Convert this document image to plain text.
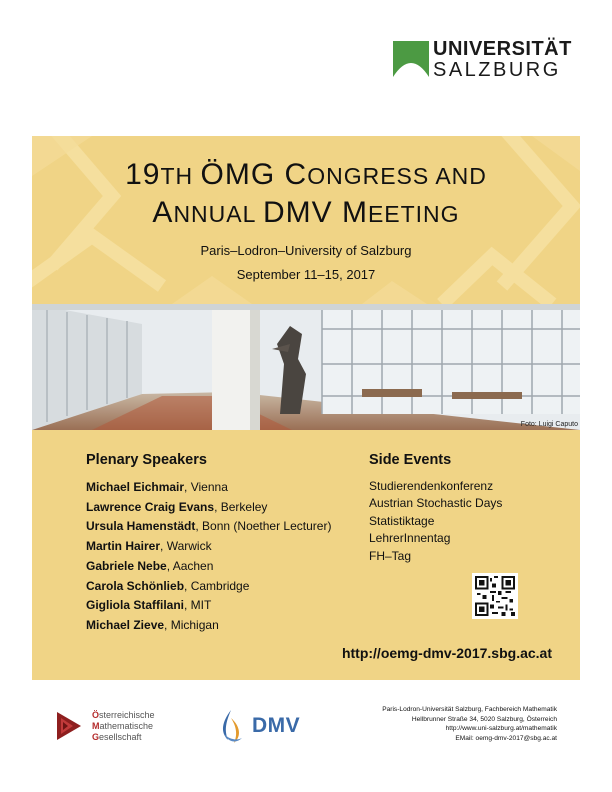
UNIVERSITÄT
SALZBURG
19TH ÖMG CONGRESS AND
ANNUAL DMV MEETING
Paris–Lodron–University of Salzburg
September 11–15, 2017
Foto: Luigi Caputo
Plenary Speakers
Michael Eichmair, Vienna
Lawrence Craig Evans, Berkeley
Ursula Hamenstädt, Bonn (Noether Lecturer)
Martin Hairer, Warwick
Gabriele Nebe, Aachen
Carola Schönlieb, Cambridge
Gigliola Staffilani, MIT
Michael Zieve, Michigan
Side Events
Studierendenkonferenz
Austrian Stochastic Days
Statistiktage
LehrerInnentag
FH–Tag
http://oemg-dmv-2017.sbg.ac.at
Österreichische
Mathematische
Gesellschaft	DMV
Paris-Lodron-Universität Salzburg, Fachbereich Mathematik
Hellbrunner Straße 34, 5020 Salzburg, Österreich
http://www.uni-salzburg.at/mathematik
EMail: oemg-dmv-2017@sbg.ac.at
